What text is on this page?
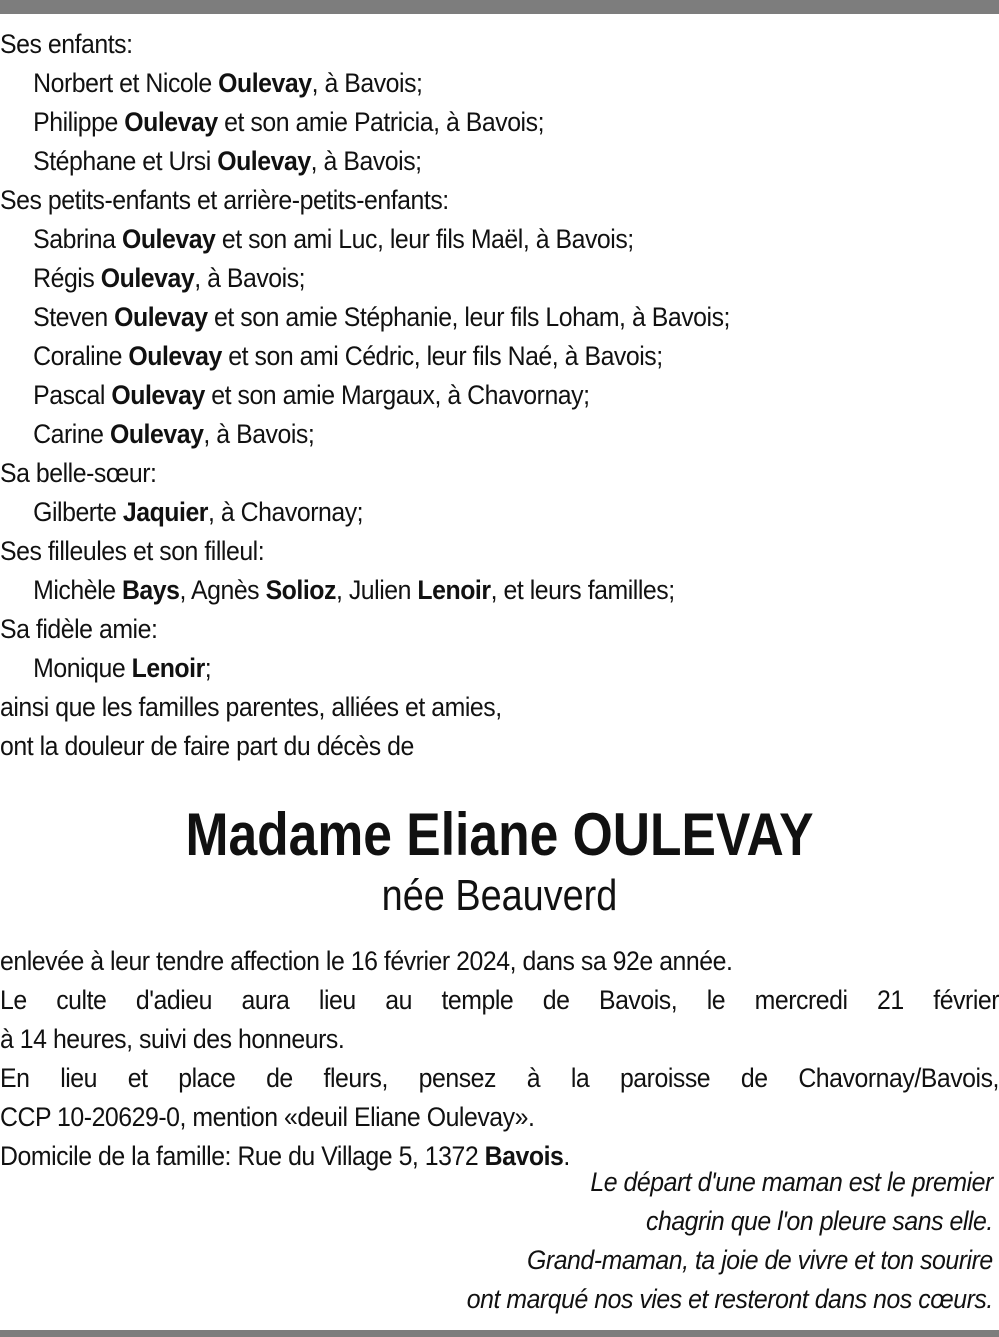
Ses enfants:
Norbert et Nicole Oulevay, à Bavois;
Philippe Oulevay et son amie Patricia, à Bavois;
Stéphane et Ursi Oulevay, à Bavois;
Ses petits-enfants et arrière-petits-enfants:
Sabrina Oulevay et son ami Luc, leur fils Maël, à Bavois;
Régis Oulevay, à Bavois;
Steven Oulevay et son amie Stéphanie, leur fils Loham, à Bavois;
Coraline Oulevay et son ami Cédric, leur fils Naé, à Bavois;
Pascal Oulevay et son amie Margaux, à Chavornay;
Carine Oulevay, à Bavois;
Sa belle-sœur:
Gilberte Jaquier, à Chavornay;
Ses filleules et son filleul:
Michèle Bays, Agnès Solioz, Julien Lenoir, et leurs familles;
Sa fidèle amie:
Monique Lenoir;
ainsi que les familles parentes, alliées et amies,
ont la douleur de faire part du décès de
Madame Eliane OULEVAY
née Beauverd
enlevée à leur tendre affection le 16 février 2024, dans sa 92e année.
Le culte d'adieu aura lieu au temple de Bavois, le mercredi 21 février
à 14 heures, suivi des honneurs.
En lieu et place de fleurs, pensez à la paroisse de Chavornay/Bavois,
CCP 10-20629-0, mention «deuil Eliane Oulevay».
Domicile de la famille: Rue du Village 5, 1372 Bavois.
Le départ d'une maman est le premier
chagrin que l'on pleure sans elle.
Grand-maman, ta joie de vivre et ton sourire
ont marqué nos vies et resteront dans nos cœurs.
